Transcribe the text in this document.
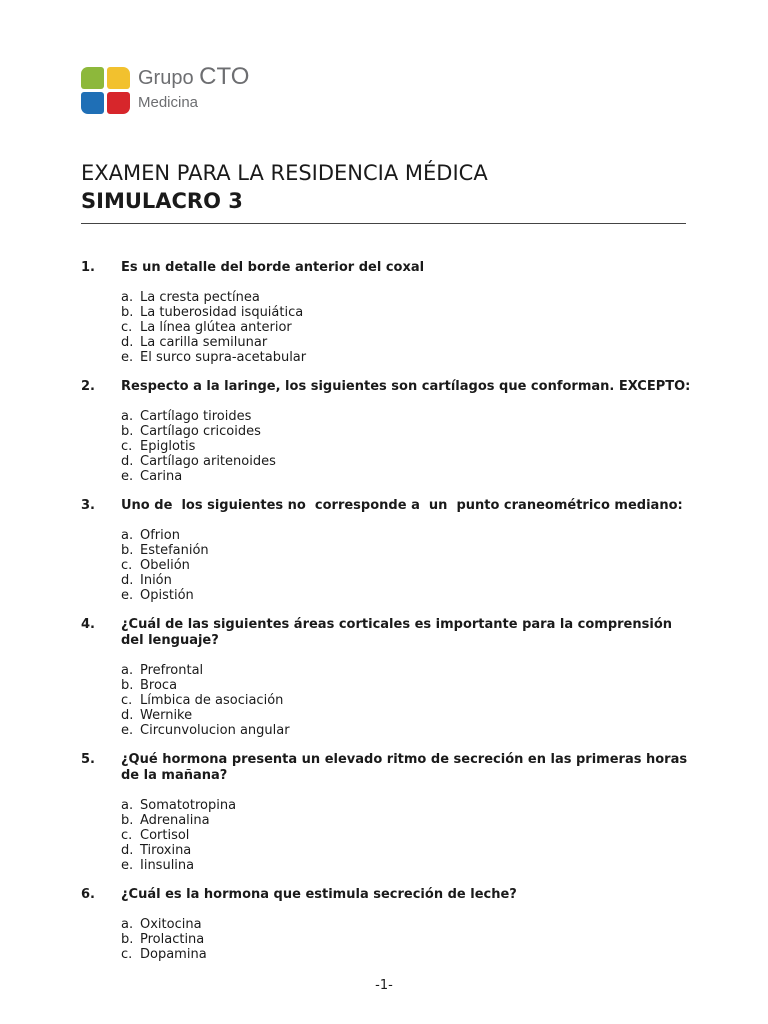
Grupo CTO
Medicina
EXAMEN PARA LA RESIDENCIA MÉDICA
SIMULACRO 3
1. Es un detalle del borde anterior del coxal
a. La cresta pectínea
b. La tuberosidad isquiática
c. La línea glútea anterior
d. La carilla semilunar
e. El surco supra-acetabular
2. Respecto a la laringe, los siguientes son cartílagos que conforman. EXCEPTO:
a. Cartílago tiroides
b. Cartílago cricoides
c. Epiglotis
d. Cartílago aritenoides
e. Carina
3. Uno de  los siguientes no  corresponde a  un  punto craneométrico mediano:
a. Ofrion
b. Estefanión
c. Obelión
d. Inión
e. Opistión
4. ¿Cuál de las siguientes áreas corticales es importante para la comprensión del lenguaje?
a. Prefrontal
b. Broca
c. Límbica de asociación
d. Wernike
e. Circunvolucion angular
5. ¿Qué hormona presenta un elevado ritmo de secreción en las primeras horas de la mañana?
a. Somatotropina
b. Adrenalina
c. Cortisol
d. Tiroxina
e. Iinsulina
6. ¿Cuál es la hormona que estimula secreción de leche?
a. Oxitocina
b. Prolactina
c. Dopamina
-1-
